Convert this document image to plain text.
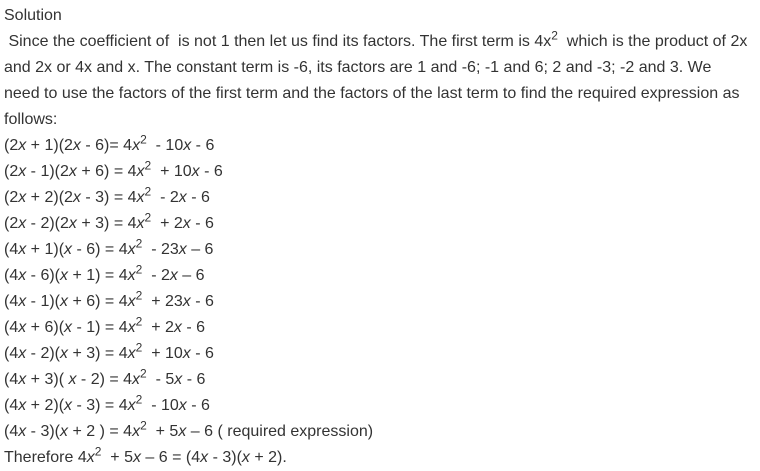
Solution
Since the coefficient of  is not 1 then let us find its factors. The first term is $4x^2$  which is the product of 2x
and 2x or 4x and x. The constant term is -6, its factors are 1 and -6; -1 and 6; 2 and -3; -2 and 3. We
need to use the factors of the first term and the factors of the last term to find the required expression as
follows:
$(2x + 1)(2x - 6)= 4x^2 - 10x - 6$
$(2x - 1)(2x + 6) = 4x^2 + 10x - 6$
$(2x + 2)(2x - 3) = 4x^2 - 2x - 6$
$(2x - 2)(2x + 3) = 4x^2 + 2x - 6$
$(4x + 1)(x - 6) = 4x^2 - 23x - 6$
$(4x - 6)(x + 1) = 4x^2 - 2x - 6$
$(4x - 1)(x + 6) = 4x^2 + 23x - 6$
$(4x + 6)(x - 1) = 4x^2 + 2x - 6$
$(4x - 2)(x + 3) = 4x^2 + 10x - 6$
(4x + 3)( $x - 2) = 4x^2 - 5x - 6$
$(4x + 2)(x - 3) = 4x^2 - 10x - 6$
(4x - 3)(x + 2 ) = $4x^2 + 5x - 6$ ( required expression)
Therefore $4x^2 + 5x - 6 = (4x - 3)(x + 2)$.
